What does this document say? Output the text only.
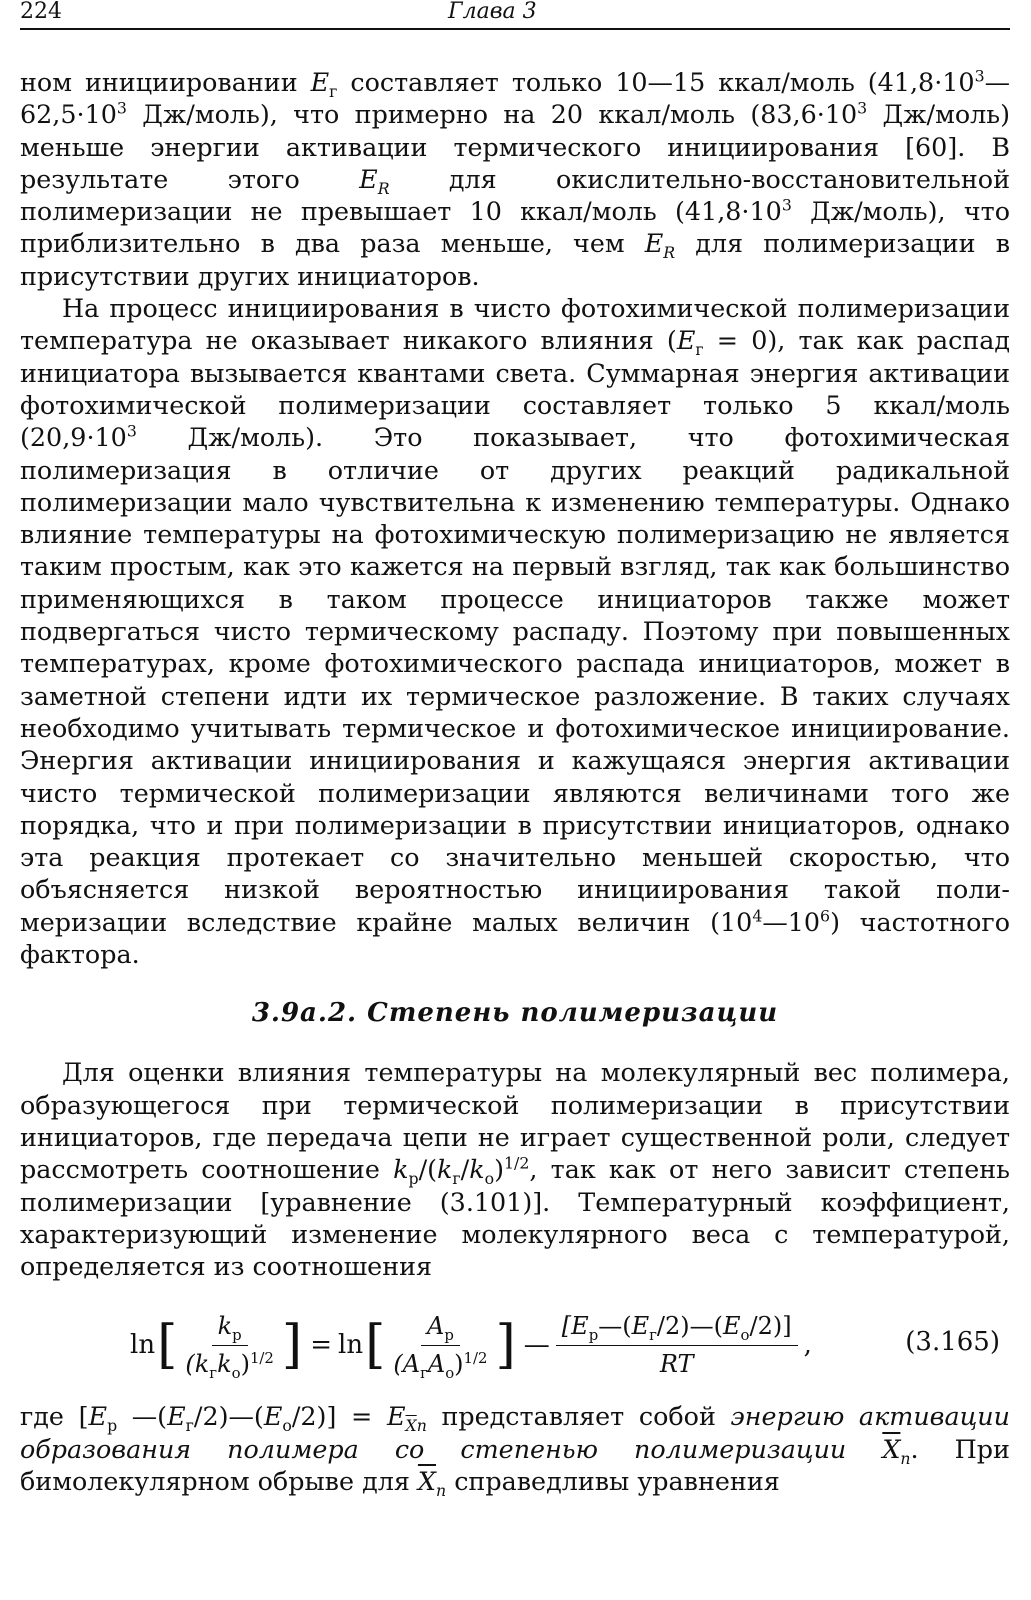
224	Глава 3

ном инициировании $E_г$ составляет только 10—15 ккал/моль ($41,8\cdot 10^3—62,5\cdot 10^3$ Дж/моль), что примерно на 20 ккал/моль ($83,6\cdot 10^3$ Дж/моль) меньше энергии активации термического инициирования [60]. В результате этого $E_R$ для окислительно-восстановительной полимеризации не превышает 10 ккал/моль ($41,8\cdot 10^3$ Дж/моль), что приблизительно в два раза меньше, чем $E_R$ для полимеризации в присутствии других инициаторов.

На процесс инициирования в чисто фотохимической полимеризации температура не оказывает никакого влияния $(E_г = 0)$, так как распад инициатора вызывается квантами света. Суммарная энергия активации фотохимической полимеризации составляет только 5 ккал/моль ($20,9\cdot 10^3$ Дж/моль). Это показывает, что фотохимическая полимеризация в отличие от других реакций радикальной полимеризации мало чувствительна к изменению температуры. Однако влияние температуры на фотохимическую полимеризацию не является таким простым, как это кажется на первый взгляд, так как большинство применяющихся в таком процессе инициаторов также может подвергаться чисто термическому распаду. Поэтому при повышенных температурах, кроме фотохимического распада инициаторов, может в заметной степени идти их термическое разложение. В таких случаях необходимо учитывать термическое и фотохимическое инициирование. Энергия активации инициирования и кажущаяся энергия активации чисто термической полимеризации являются величинами того же порядка, что и при полимеризации в присутствии инициаторов, однако эта реакция протекает со значительно меньшей скоростью, что объясняется низкой вероятностью инициирования такой полимеризации вследствие крайне малых величин $(10^4—10^6)$ частотного фактора.

3.9а.2. Степень полимеризации

Для оценки влияния температуры на молекулярный вес полимера, образующегося при термической полимеризации в присутствии инициаторов, где передача цепи не играет существенной роли, следует рассмотреть соотношение $k_р/(k_г/k_о)^{1/2}$, так как от него зависит степень полимеризации [уравнение (3.101)]. Температурный коэффициент, характеризующий изменение молекулярного веса с температурой, определяется из соотношения

ln [ $\frac{k_р}{(k_гk_о)^{1/2}}$ ] = ln [ $\frac{A_р}{(A_гA_о)^{1/2}}$ ] — $\frac{[E_р—(E_г/2)—(E_о/2)]}{RT}$ ,	(3.165)

где [$E_р$ $—(E_г/2)—(E_о/2)] = E_{\overline{X}n}$ представляет собой энергию активации образования полимера со степенью полимеризации $\overline{X}_n$. При бимолекулярном обрыве для $\overline{X}_n$ справедливы уравнения
